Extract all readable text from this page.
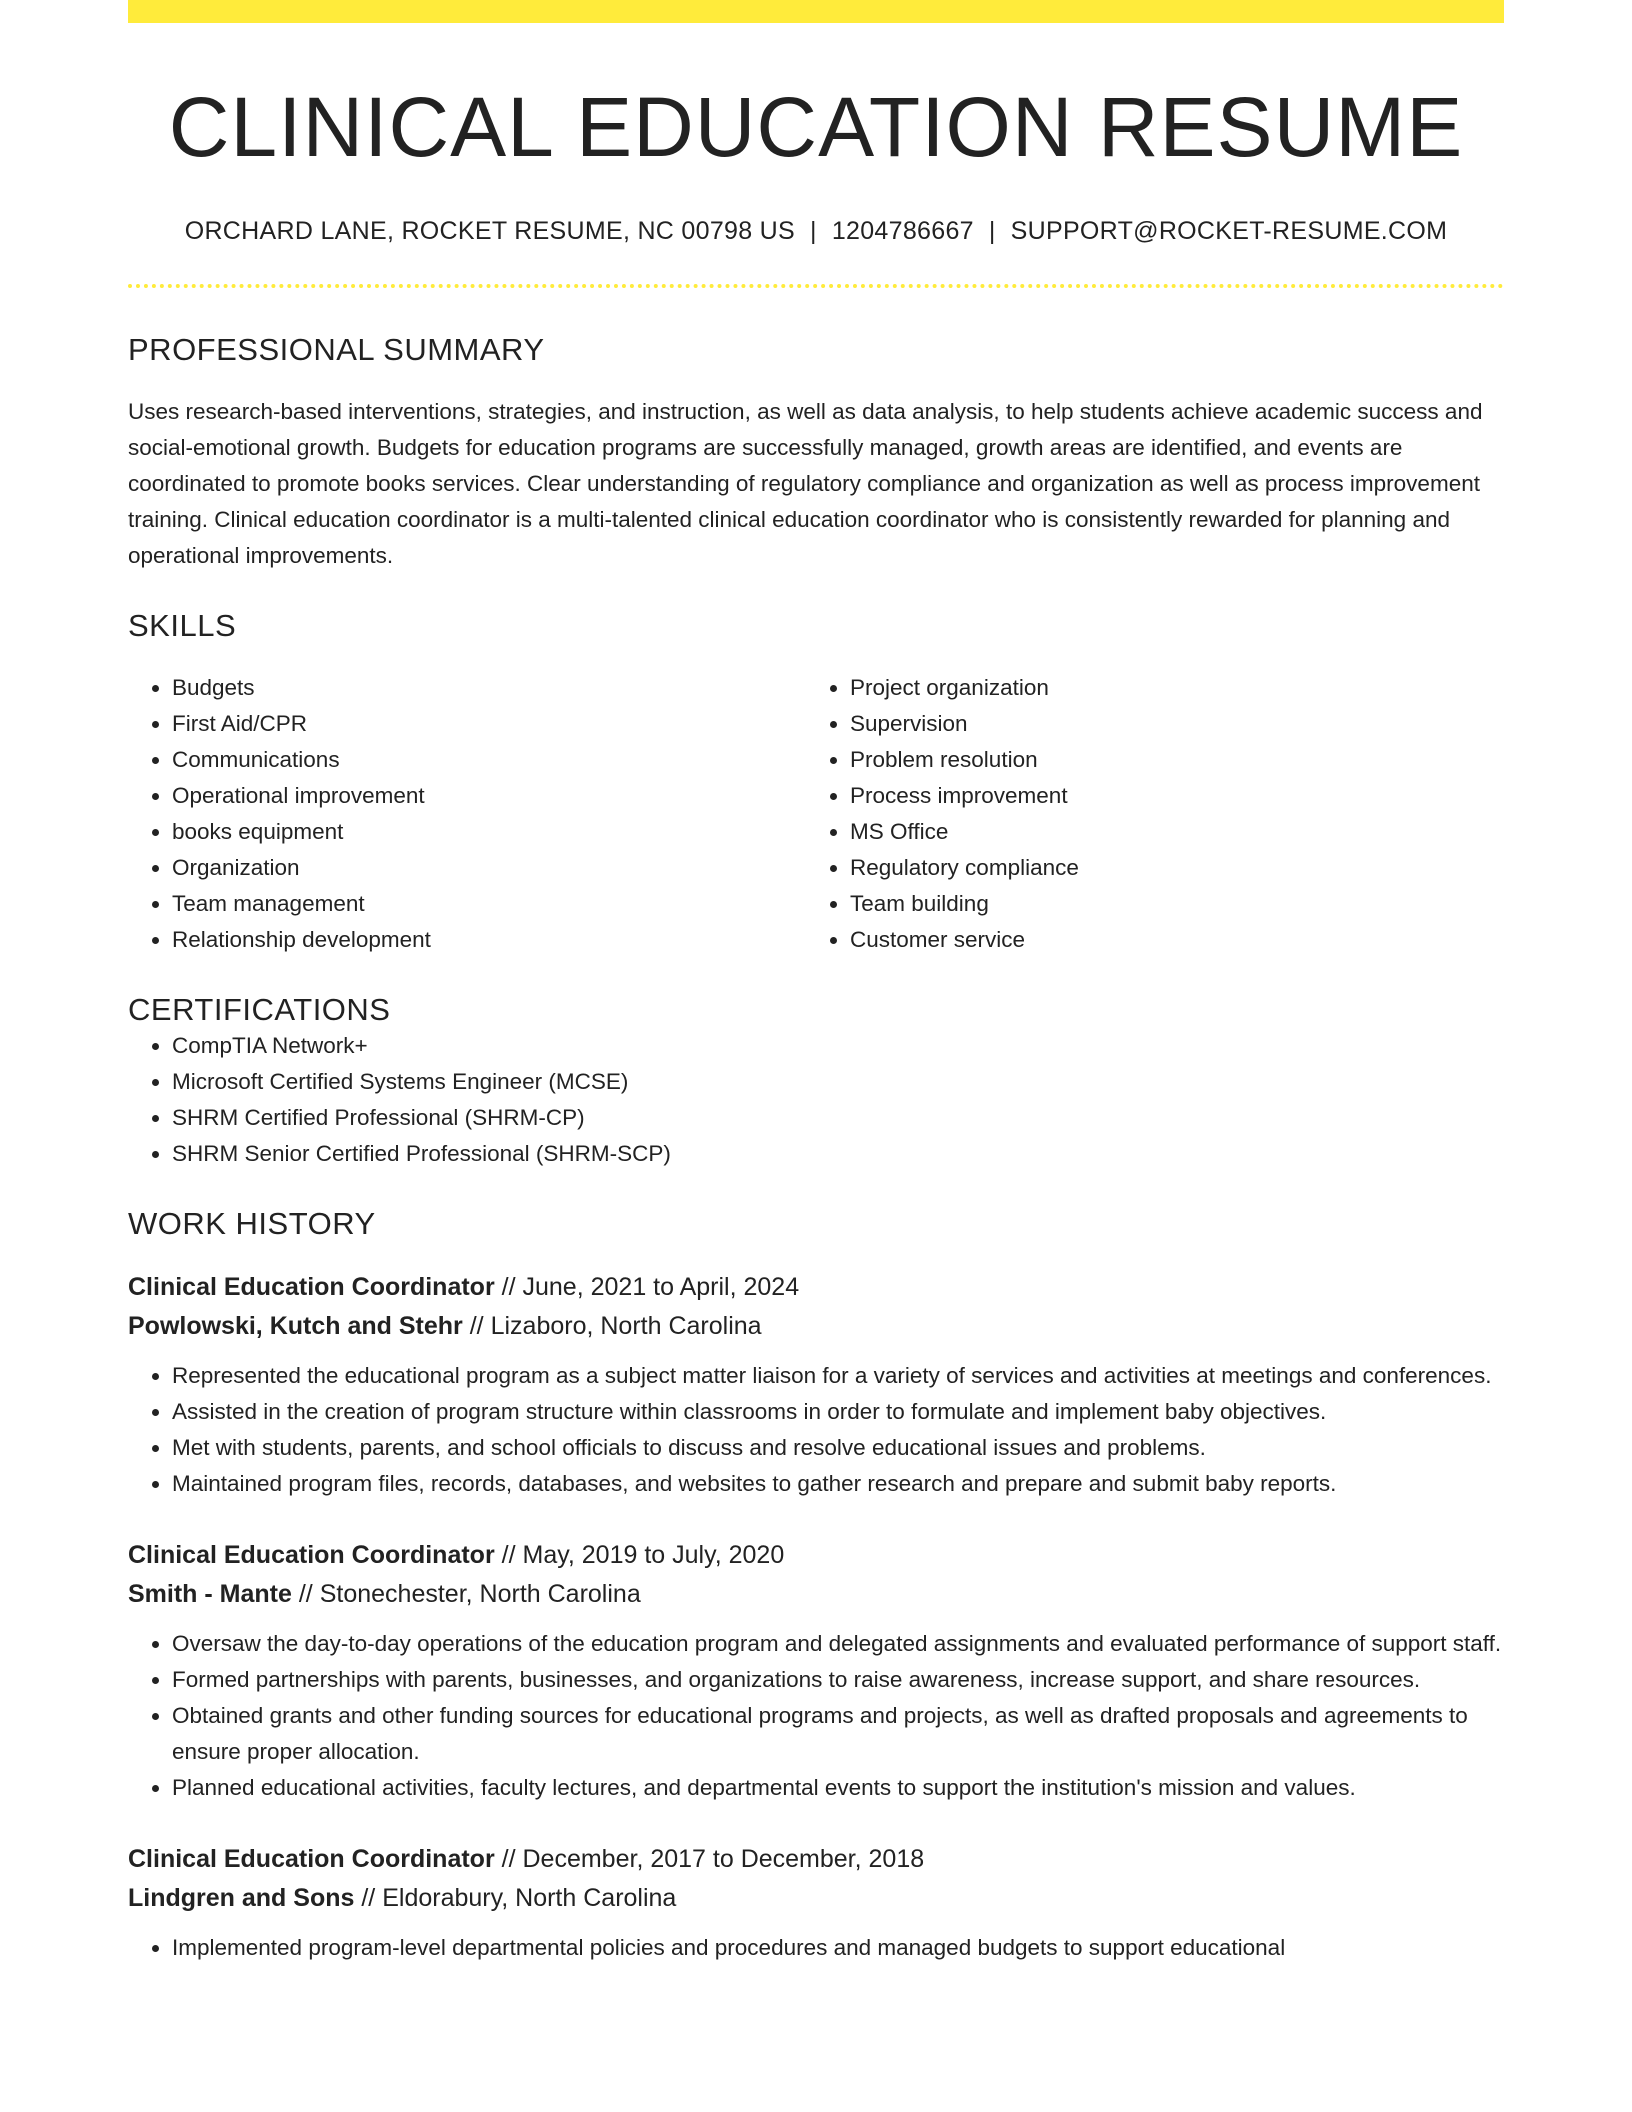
CLINICAL EDUCATION RESUME
ORCHARD LANE, ROCKET RESUME, NC 00798 US | 1204786667 | SUPPORT@ROCKET-RESUME.COM
PROFESSIONAL SUMMARY
Uses research-based interventions, strategies, and instruction, as well as data analysis, to help students achieve academic success and social-emotional growth. Budgets for education programs are successfully managed, growth areas are identified, and events are coordinated to promote books services. Clear understanding of regulatory compliance and organization as well as process improvement training. Clinical education coordinator is a multi-talented clinical education coordinator who is consistently rewarded for planning and operational improvements.
SKILLS
• Budgets
• First Aid/CPR
• Communications
• Operational improvement
• books equipment
• Organization
• Team management
• Relationship development
• Project organization
• Supervision
• Problem resolution
• Process improvement
• MS Office
• Regulatory compliance
• Team building
• Customer service
CERTIFICATIONS
• CompTIA Network+
• Microsoft Certified Systems Engineer (MCSE)
• SHRM Certified Professional (SHRM-CP)
• SHRM Senior Certified Professional (SHRM-SCP)
WORK HISTORY
Clinical Education Coordinator // June, 2021 to April, 2024
Powlowski, Kutch and Stehr // Lizaboro, North Carolina
• Represented the educational program as a subject matter liaison for a variety of services and activities at meetings and conferences.
• Assisted in the creation of program structure within classrooms in order to formulate and implement baby objectives.
• Met with students, parents, and school officials to discuss and resolve educational issues and problems.
• Maintained program files, records, databases, and websites to gather research and prepare and submit baby reports.
Clinical Education Coordinator // May, 2019 to July, 2020
Smith - Mante // Stonechester, North Carolina
• Oversaw the day-to-day operations of the education program and delegated assignments and evaluated performance of support staff.
• Formed partnerships with parents, businesses, and organizations to raise awareness, increase support, and share resources.
• Obtained grants and other funding sources for educational programs and projects, as well as drafted proposals and agreements to ensure proper allocation.
• Planned educational activities, faculty lectures, and departmental events to support the institution's mission and values.
Clinical Education Coordinator // December, 2017 to December, 2018
Lindgren and Sons // Eldorabury, North Carolina
• Implemented program-level departmental policies and procedures and managed budgets to support educational
